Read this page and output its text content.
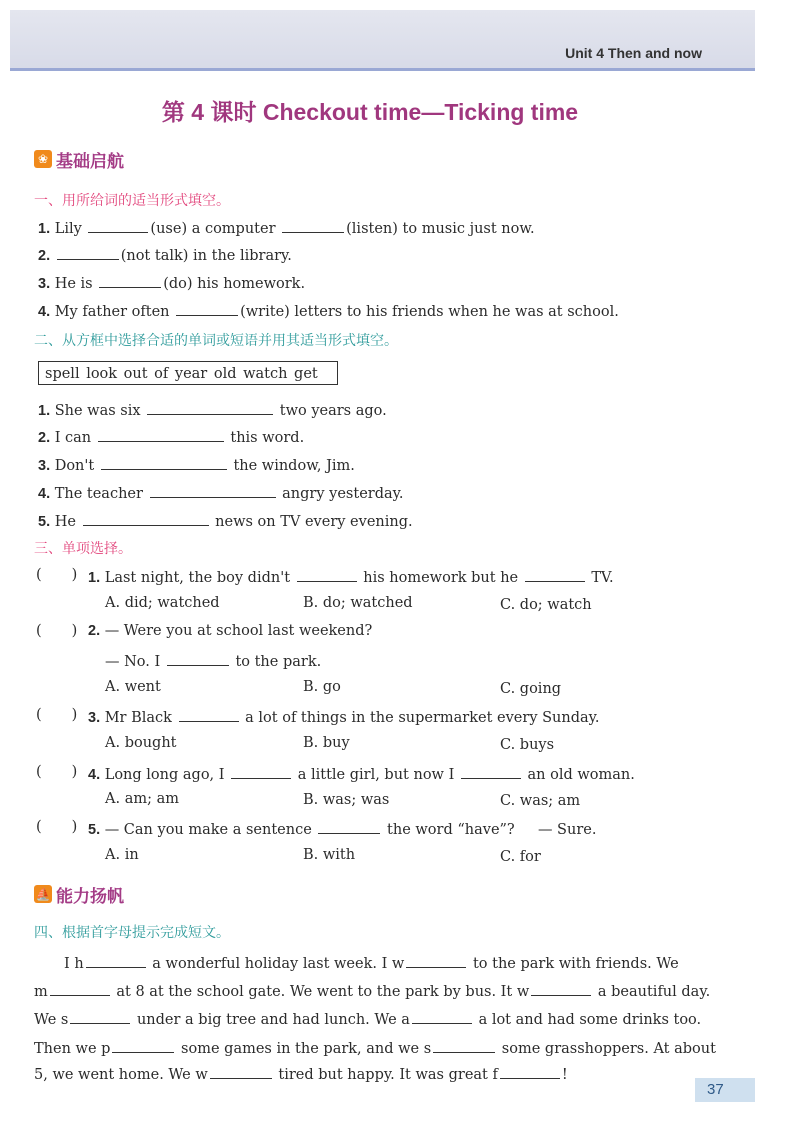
Unit 4 Then and now
第 4 课时 Checkout time—Ticking time
❀ 基础启航
一、用所给词的适当形式填空。
1. Lily	(use) a computer	(listen) to music just now.
2.	(not talk) in the library.
3. He is	(do) his homework.
4. My father often	(write) letters to his friends when he was at school.
二、从方框中选择合适的单词或短语并用其适当形式填空。
spell look out of year old watch get
1. She was six	two years ago.
2. I can	this word.
3. Don't	the window, Jim.
4. The teacher	angry yesterday.
5. He	news on TV every evening.
三、单项选择。
( ) 1. Last night, the boy didn't	his homework but he	TV.
A. did; watched	B. do; watched	C. do; watch
( ) 2. — Were you at school last weekend?
— No. I	to the park.
A. went	B. go	C. going
( ) 3. Mr Black	a lot of things in the supermarket every Sunday.
A. bought	B. buy	C. buys
( ) 4. Long long ago, I	a little girl, but now I	an old woman.
A. am; am	B. was; was	C. was; am
( ) 5. — Can you make a sentence	the word “have”? — Sure.
A. in	B. with	C. for
⛵ 能力扬帆
四、根据首字母提示完成短文。
I h	a wonderful holiday last week. I w	to the park with friends. We
m	at 8 at the school gate. We went to the park by bus. It w	a beautiful day.
We s	under a big tree and had lunch. We a	a lot and had some drinks too.
Then we p	some games in the park, and we s	some grasshoppers. At about
5, we went home. We w	tired but happy. It was great f	!
37
